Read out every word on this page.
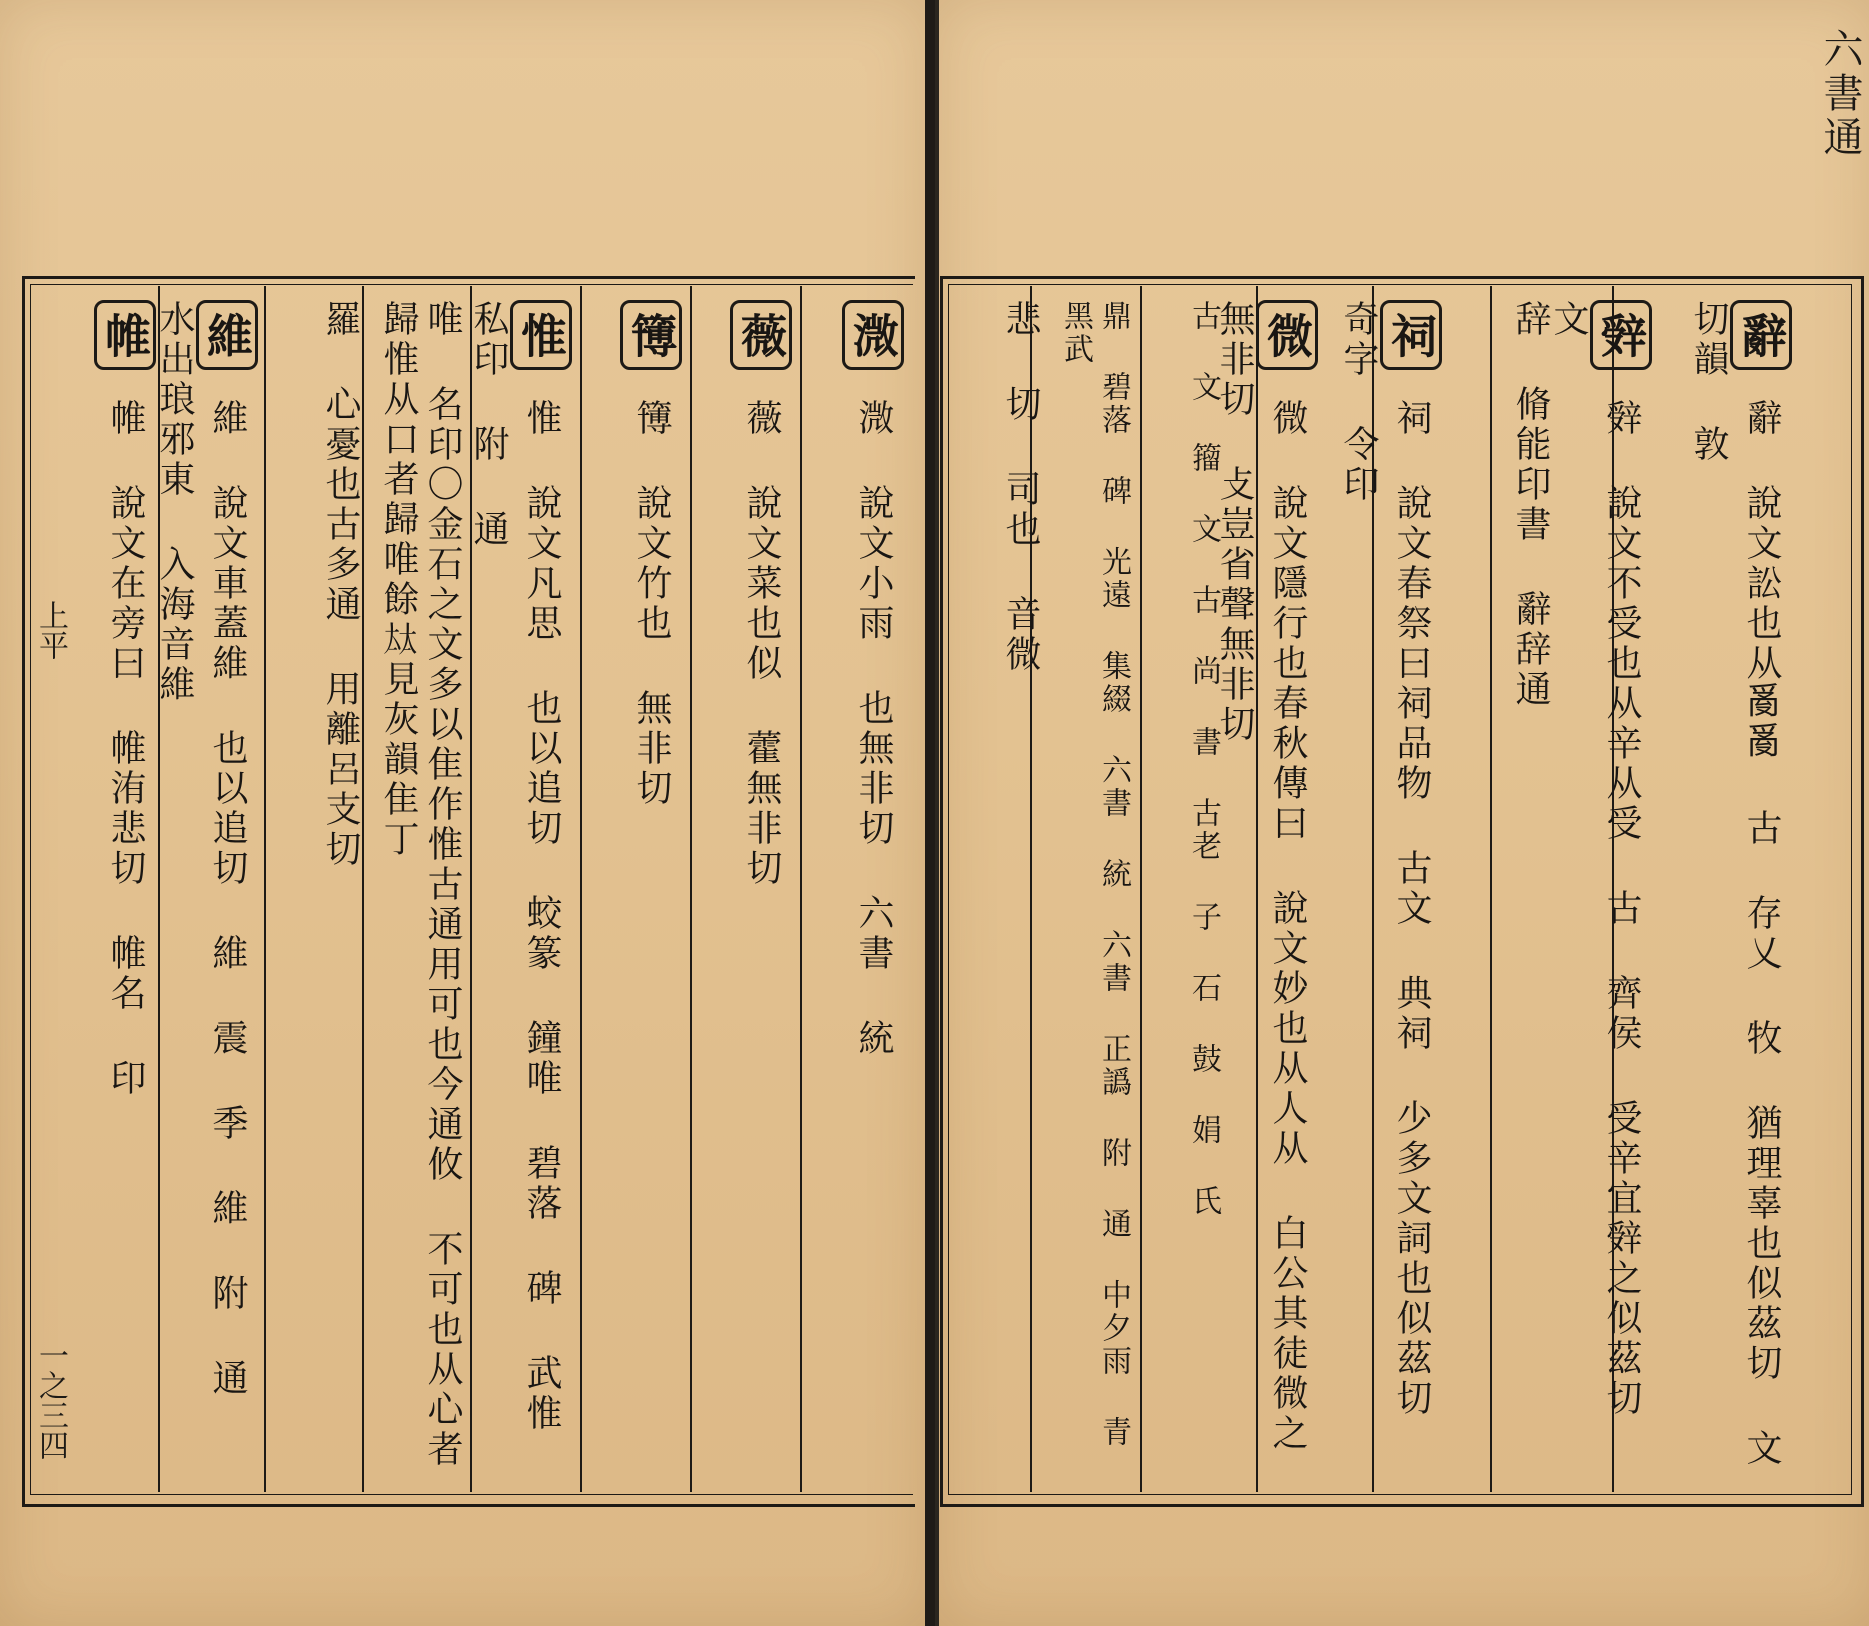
六書通
一之三四
上平
辭 辭 說文訟也从𤔔𤔔 古 存乂 牧 猶理辜也似茲切 文 切韻 敦
辤 辤 說文不受也从辛从受 古 齊侯 受辛宜辤之似茲切 文
辞 脩能印書 辭辞通
祠 祠 說文春祭曰祠品物 古文 典祠 少多文詞也似茲切 奇字 令印
微 微 說文隱行也春秋傳曰 說文妙也从人从 白公其徒微之無非切 攴豈省聲無非切
古 文 籀 文 古 尚 書 古老 子 石 鼓 娟 氏
鼎 碧落 碑 光遠 集綴 六書 統 六書 正譌 附 通 中夕雨 青黑武
悲 切 司也 音微
溦 溦 說文小雨 也無非切 六書 統
薇 薇 說文菜也似 藿無非切
簙 簙 說文竹也 無非切
惟 惟 說文凡思 也以追切 蛟篆 鐘唯 碧落 碑 武惟 私印 附 通
唯 名印〇金石之文多以隹作惟古通用可也今通攸 不可也从心者歸惟从口者歸唯餘𡘋見灰韻隹丁
羅 心憂也古多通 用離呂支切
維 維 說文車蓋維 也以追切 維 震 季 維 附 通 水出琅邪東 入海音維
帷 帷 說文在旁曰 帷洧悲切 帷名 印
